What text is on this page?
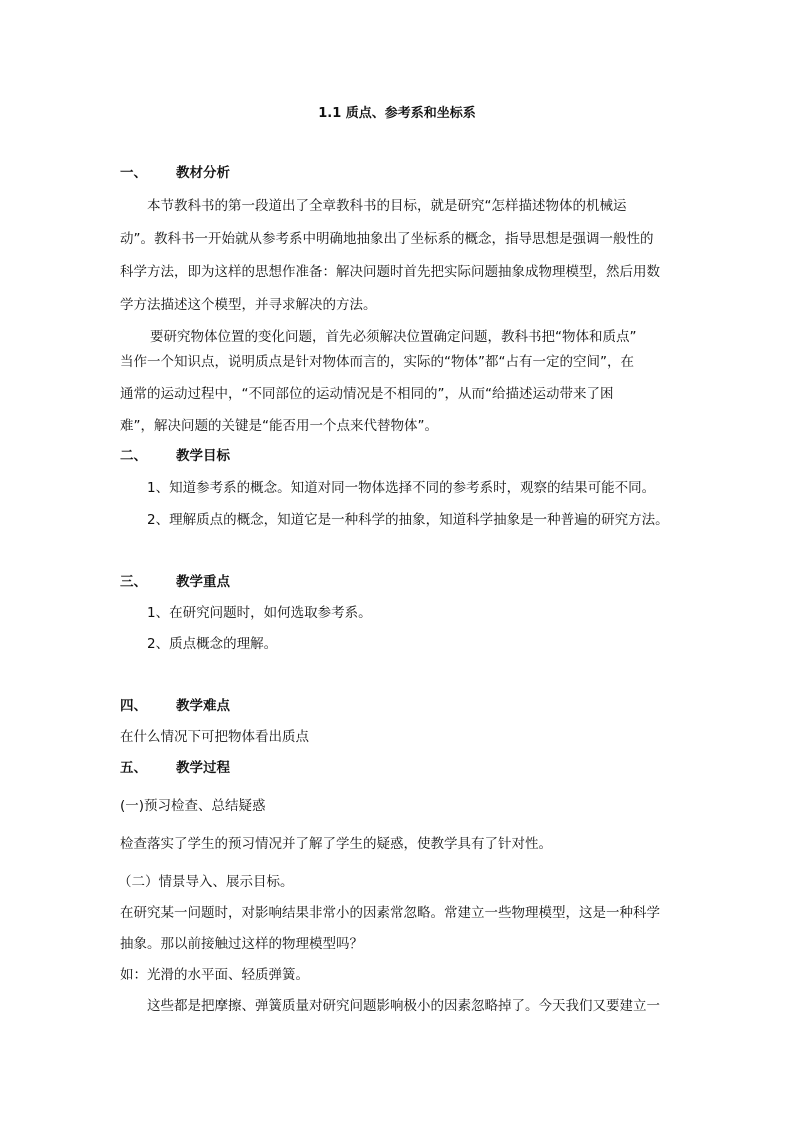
1.1 质点、参考系和坐标系
一、 教材分析
本节教科书的第一段道出了全章教科书的目标，就是研究“怎样描述物体的机械运
动”。教科书一开始就从参考系中明确地抽象出了坐标系的概念，指导思想是强调一般性的
科学方法，即为这样的思想作准备：解决问题时首先把实际问题抽象成物理模型，然后用数
学方法描述这个模型，并寻求解决的方法。
要研究物体位置的变化问题，首先必须解决位置确定问题，教科书把“物体和质点”
当作一个知识点，说明质点是针对物体而言的，实际的“物体”都“占有一定的空间”，在
通常的运动过程中，“不同部位的运动情况是不相同的”，从而“给描述运动带来了困
难”，解决问题的关键是“能否用一个点来代替物体”。
二、 教学目标
1、知道参考系的概念。知道对同一物体选择不同的参考系时，观察的结果可能不同。
2、理解质点的概念，知道它是一种科学的抽象，知道科学抽象是一种普遍的研究方法。
三、 教学重点
1、在研究问题时，如何选取参考系。
2、质点概念的理解。
四、 教学难点
在什么情况下可把物体看出质点
五、 教学过程
(一)预习检查、总结疑惑
检查落实了学生的预习情况并了解了学生的疑惑，使教学具有了针对性。
（二）情景导入、展示目标。
在研究某一问题时，对影响结果非常小的因素常忽略。常建立一些物理模型，这是一种科学
抽象。那以前接触过这样的物理模型吗？
如：光滑的水平面、轻质弹簧。
这些都是把摩擦、弹簧质量对研究问题影响极小的因素忽略掉了。今天我们又要建立一
